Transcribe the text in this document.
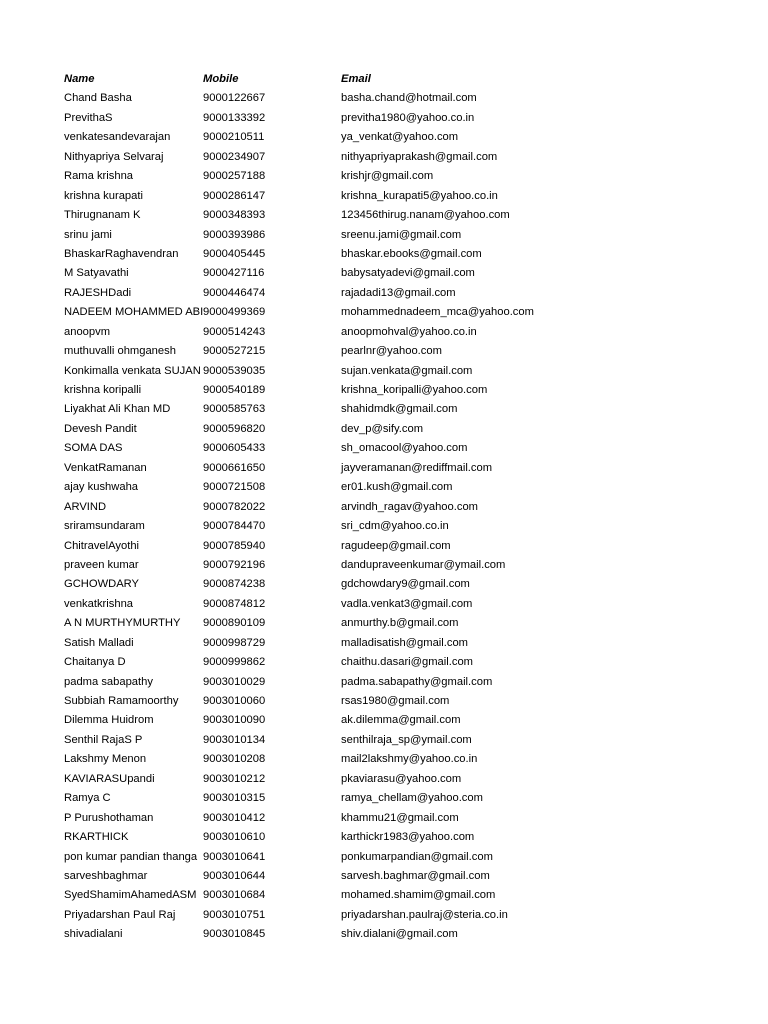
Name	Mobile	Email
Chand Basha	9000122667	basha.chand@hotmail.com
PrevithaS	9000133392	previtha1980@yahoo.co.in
venkatesandevarajan	9000210511	ya_venkat@yahoo.com
Nithyapriya Selvaraj	9000234907	nithyapriyaprakash@gmail.com
Rama krishna	9000257188	krishjr@gmail.com
krishna kurapati	9000286147	krishna_kurapati5@yahoo.co.in
Thirugnanam K	9000348393	123456thirug.nanam@yahoo.com
srinu jami	9000393986	sreenu.jami@gmail.com
BhaskarRaghavendran	9000405445	bhaskar.ebooks@gmail.com
M Satyavathi	9000427116	babysatyadevi@gmail.com
RAJESHDadi	9000446474	rajadadi13@gmail.com
NADEEM MOHAMMED ABI 9000499369	mohammednadeem_mca@yahoo.com
anoopvm	9000514243	anoopmohval@yahoo.co.in
muthuvalli ohmganesh	9000527215	pearlnr@yahoo.com
Konkimalla venkata SUJAN 9000539035	sujan.venkata@gmail.com
krishna koripalli	9000540189	krishna_koripalli@yahoo.com
Liyakhat Ali Khan MD	9000585763	shahidmdk@gmail.com
Devesh Pandit	9000596820	dev_p@sify.com
SOMA DAS	9000605433	sh_omacool@yahoo.com
VenkatRamanan	9000661650	jayveramanan@rediffmail.com
ajay kushwaha	9000721508	er01.kush@gmail.com
ARVIND	9000782022	arvindh_ragav@yahoo.com
sriramsundaram	9000784470	sri_cdm@yahoo.co.in
ChitravelAyothi	9000785940	ragudeep@gmail.com
praveen kumar	9000792196	dandupraveenkumar@ymail.com
GCHOWDARY	9000874238	gdchowdary9@gmail.com
venkatkrishna	9000874812	vadla.venkat3@gmail.com
A N MURTHYMURTHY	9000890109	anmurthy.b@gmail.com
Satish Malladi	9000998729	malladisatish@gmail.com
Chaitanya D	9000999862	chaithu.dasari@gmail.com
padma sabapathy	9003010029	padma.sabapathy@gmail.com
Subbiah Ramamoorthy	9003010060	rsas1980@gmail.com
Dilemma Huidrom	9003010090	ak.dilemma@gmail.com
Senthil RajaS P	9003010134	senthilraja_sp@ymail.com
Lakshmy Menon	9003010208	mail2lakshmy@yahoo.co.in
KAVIARASUpandi	9003010212	pkaviarasu@yahoo.com
Ramya C	9003010315	ramya_chellam@yahoo.com
P Purushothaman	9003010412	khammu21@gmail.com
RKARTHICK	9003010610	karthickr1983@yahoo.com
pon kumar pandian thanga 9003010641	ponkumarpandian@gmail.com
sarveshbaghmar	9003010644	sarvesh.baghmar@gmail.com
SyedShamimAhamedASM 9003010684	mohamed.shamim@gmail.com
Priyadarshan Paul Raj	9003010751	priyadarshan.paulraj@steria.co.in
shivadialani	9003010845	shiv.dialani@gmail.com
